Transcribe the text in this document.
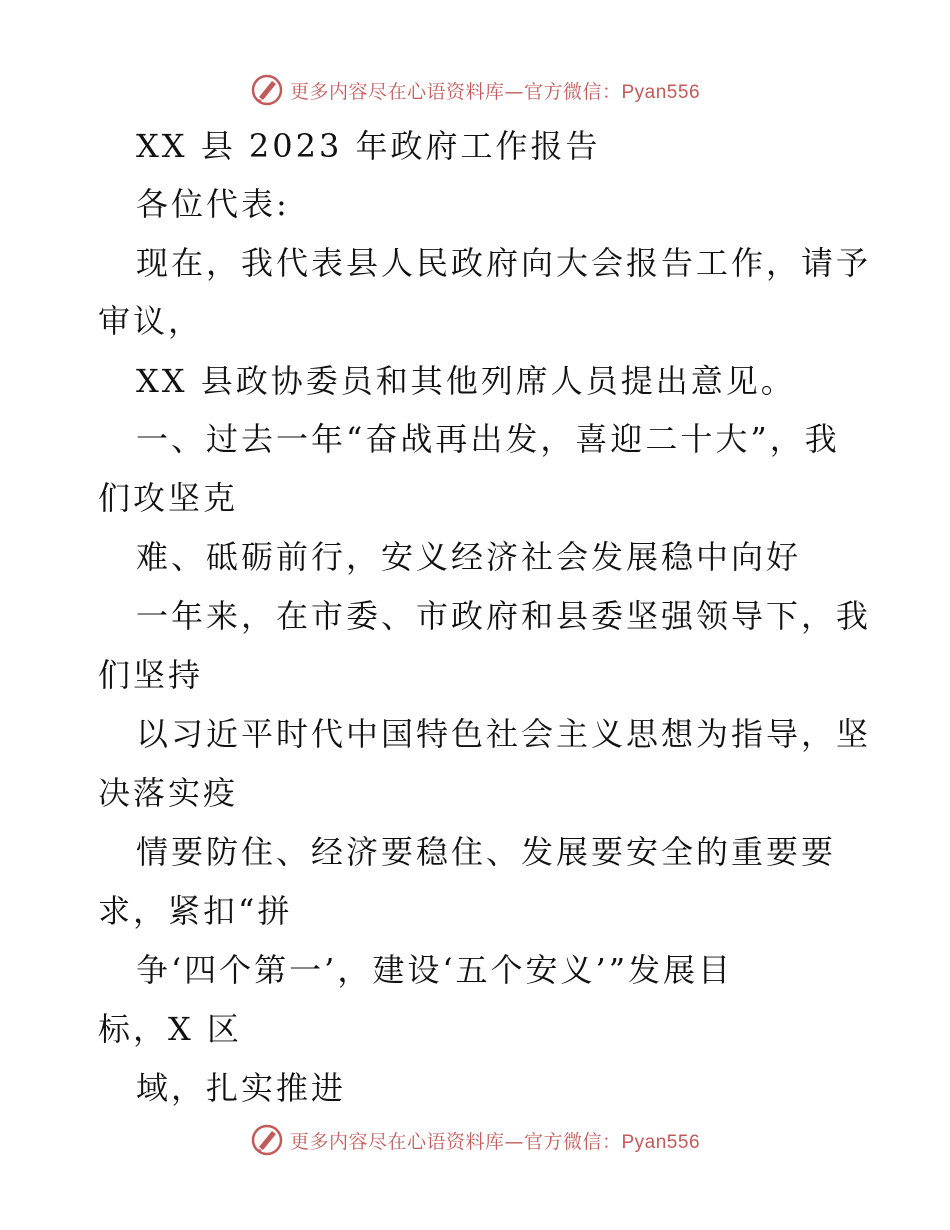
更多内容尽在心语资料库—官方微信：Pyan556
XX 县 2023 年政府工作报告
各位代表:
现在，我代表县人民政府向大会报告工作，请予
审议，
XX 县政协委员和其他列席人员提出意见。
一、过去一年“奋战再出发，喜迎二十大”，我
们攻坚克
难、砥砺前行，安义经济社会发展稳中向好
一年来，在市委、市政府和县委坚强领导下，我
们坚持
以习近平时代中国特色社会主义思想为指导，坚
决落实疫
情要防住、经济要稳住、发展要安全的重要要
求，紧扣“拼
争‘四个第一’，建设‘五个安义’”发展目
标，X 区
域，扎实推进
更多内容尽在心语资料库—官方微信：Pyan556
